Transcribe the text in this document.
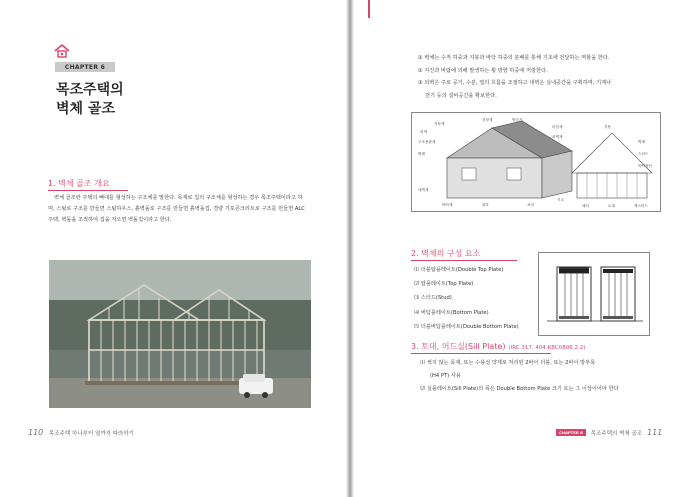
CHAPTER 6
목조주택의
벽체 골조
1. 벽체 골조 개요

벽체 골조란 주택의 뼈대를 형성하는 구조체를 말한다. 목재로 집의 구조체를 형성하는 경우 목조주택이라고 하며, 스틸로 구조를 만들면 스틸하우스, 흙벽돌로 구조를 만들면 흙벽돌집, 경량 기포콘크리트로 구조를 만들면 ALC 주택, 벽돌을 조적하여 집을 지으면 벽돌집이라고 한다.

110 목조주택 하나부터 열까지 따라하기
① 벽체는 수직 하중과 지붕과 바닥 하중의 분배를 통해 기초에 전달하는 역할을 한다.
② 지진과 바람에 의해 발생하는 횡 방향 하중에 저항한다.
③ 외벽은 주로 공기, 수분, 열의 흐름을 조절하고 내벽은 실내공간을 구획하며, 기계나
전기 등의 설비공간을 확보한다.
외벽
지붕재
구조용판재
천장재	방습지
벽체
마감재
외벽재
내벽재
바닥재	창호	처마
기초
지붕
벽체
스터드
바닥장선
토대
헤더	잭스터드
2. 벽체의 구성 요소
⑴ 더블탑플레이트(Double Top Plate)
⑵ 탑플레이트(Top Plate)
⑶ 스터드(Stud)
⑷ 버텀플레이트(Bottom Plate)
⑸ 더블버텀플레이트(Double Bottom Plate)
3. 토대, 머드실(Sill Plate) (IRC 317, 404 KBC0806.2.2)
⑴ 썩지 않는 목재, 또는 수용성 약제로 처리된 2바이 더블, 또는 2바이 방부목
(H4 PT) 사용
⑵ 실플레이트(Sill Plate)의 폭은 Double Bottom Plate 크기 또는 그 이상이어야 한다
CHAPTER 6	목조주택의 벽체 골조 111
